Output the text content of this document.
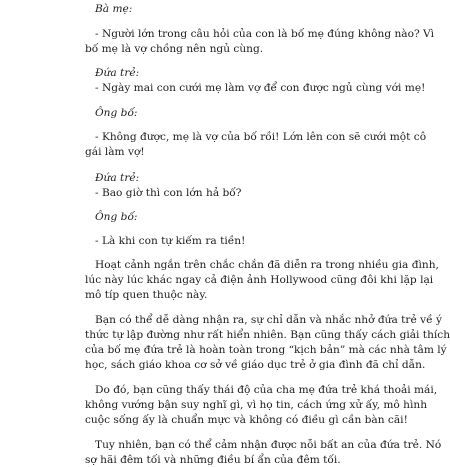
Bà mẹ:
- Người lớn trong câu hỏi của con là bố mẹ đúng không nào? Vì
bố mẹ là vợ chồng nên ngủ cùng.
Đứa trẻ:
- Ngày mai con cưới mẹ làm vợ để con được ngủ cùng với mẹ!
Ông bố:
- Không được, mẹ là vợ của bố rồi! Lớn lên con sẽ cưới một cô
gái làm vợ!
Đứa trẻ:
- Bao giờ thì con lớn hả bố?
Ông bố:
- Là khi con tự kiếm ra tiền!
Hoạt cảnh ngắn trên chắc chắn đã diễn ra trong nhiều gia đình,
lúc này lúc khác ngay cả điện ảnh Hollywood cũng đôi khi lặp lại
mô típ quen thuộc này.
Bạn có thể dễ dàng nhận ra, sự chỉ dẫn và nhắc nhở đứa trẻ về ý
thức tự lập đường như rất hiển nhiên. Bạn cũng thấy cách giải thích
của bố mẹ đứa trẻ là hoàn toàn trong “kịch bản” mà các nhà tâm lý
học, sách giáo khoa cơ sở về giáo dục trẻ ở gia đình đã chỉ dẫn.
Do đó, bạn cũng thấy thái độ của cha mẹ đứa trẻ khá thoải mái,
không vướng bận suy nghĩ gì, vì họ tin, cách ứng xử ấy, mô hình
cuộc sống ấy là chuẩn mực và không có điều gì cần bàn cãi!
Tuy nhiên, bạn có thể cảm nhận được nỗi bất an của đứa trẻ. Nó
sợ hãi đêm tối và những điều bí ẩn của đêm tối.
